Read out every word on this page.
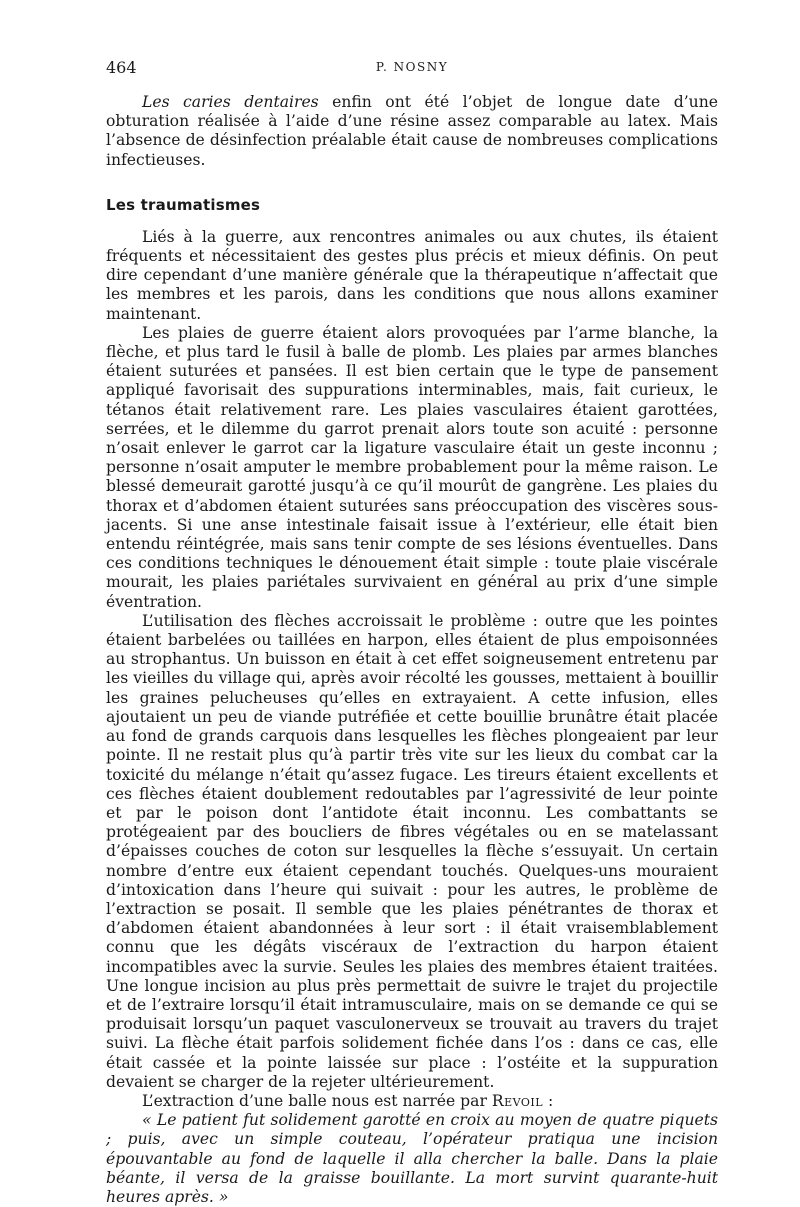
464	P. NOSNY

Les caries dentaires enfin ont été l’objet de longue date d’une obturation réalisée à l’aide d’une résine assez comparable au latex. Mais l’absence de désinfection préalable était cause de nombreuses complications infectieuses.

Les traumatismes

Liés à la guerre, aux rencontres animales ou aux chutes, ils étaient fréquents et nécessitaient des gestes plus précis et mieux définis. On peut dire cependant d’une manière générale que la thérapeutique n’affectait que les membres et les parois, dans les conditions que nous allons examiner maintenant.

Les plaies de guerre étaient alors provoquées par l’arme blanche, la flèche, et plus tard le fusil à balle de plomb. Les plaies par armes blanches étaient suturées et pansées. Il est bien certain que le type de pansement appliqué favorisait des suppurations interminables, mais, fait curieux, le tétanos était relativement rare. Les plaies vasculaires étaient garottées, serrées, et le dilemme du garrot prenait alors toute son acuité : personne n’osait enlever le garrot car la ligature vasculaire était un geste inconnu ; personne n’osait amputer le membre probablement pour la même raison. Le blessé demeurait garotté jusqu’à ce qu’il mourût de gangrène. Les plaies du thorax et d’abdomen étaient suturées sans préoccupation des viscères sous-jacents. Si une anse intestinale faisait issue à l’extérieur, elle était bien entendu réintégrée, mais sans tenir compte de ses lésions éventuelles. Dans ces conditions techniques le dénouement était simple : toute plaie viscérale mourait, les plaies pariétales survivaient en général au prix d’une simple éventration.

L’utilisation des flèches accroissait le problème : outre que les pointes étaient barbelées ou taillées en harpon, elles étaient de plus empoisonnées au strophantus. Un buisson en était à cet effet soigneusement entretenu par les vieilles du village qui, après avoir récolté les gousses, mettaient à bouillir les graines pelucheuses qu’elles en extrayaient. A cette infusion, elles ajoutaient un peu de viande putréfiée et cette bouillie brunâtre était placée au fond de grands carquois dans lesquelles les flèches plongeaient par leur pointe. Il ne restait plus qu’à partir très vite sur les lieux du combat car la toxicité du mélange n’était qu’assez fugace. Les tireurs étaient excellents et ces flèches étaient doublement redoutables par l’agressivité de leur pointe et par le poison dont l’antidote était inconnu. Les combattants se protégeaient par des boucliers de fibres végétales ou en se matelassant d’épaisses couches de coton sur lesquelles la flèche s’essuyait. Un certain nombre d’entre eux étaient cependant touchés. Quelques-uns mouraient d’intoxication dans l’heure qui suivait : pour les autres, le problème de l’extraction se posait. Il semble que les plaies pénétrantes de thorax et d’abdomen étaient abandonnées à leur sort : il était vraisemblablement connu que les dégâts viscéraux de l’extraction du harpon étaient incompatibles avec la survie. Seules les plaies des membres étaient traitées. Une longue incision au plus près permettait de suivre le trajet du projectile et de l’extraire lorsqu’il était intramusculaire, mais on se demande ce qui se produisait lorsqu’un paquet vasculonerveux se trouvait au travers du trajet suivi. La flèche était parfois solidement fichée dans l’os : dans ce cas, elle était cassée et la pointe laissée sur place : l’ostéite et la suppuration devaient se charger de la rejeter ultérieurement.

L’extraction d’une balle nous est narrée par Revoil :

« Le patient fut solidement garotté en croix au moyen de quatre piquets ; puis, avec un simple couteau, l’opérateur pratiqua une incision épouvantable au fond de laquelle il alla chercher la balle. Dans la plaie béante, il versa de la graisse bouillante. La mort survint quarante-huit heures après. »
